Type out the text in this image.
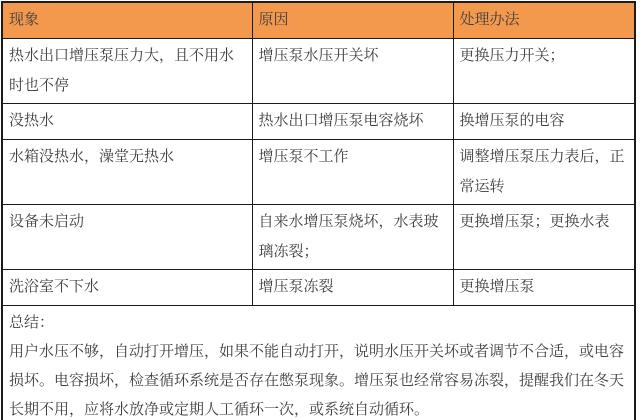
现象	原因	处理办法
热水出口增压泵压力大，且不用水时也不停	增压泵水压开关坏	更换压力开关；
没热水	热水出口增压泵电容烧坏	换增压泵的电容
水箱没热水，澡堂无热水	增压泵不工作	调整增压泵压力表后，正常运转
设备未启动	自来水增压泵烧坏，水表玻璃冻裂；	更换增压泵；更换水表
洗浴室不下水	增压泵冻裂	更换增压泵

总结：
用户水压不够，自动打开增压，如果不能自动打开，说明水压开关坏或者调节不合适，或电容损坏。电容损坏，检查循环系统是否存在憋泵现象。增压泵也经常容易冻裂，提醒我们在冬天长期不用，应将水放净或定期人工循环一次，或系统自动循环。		
